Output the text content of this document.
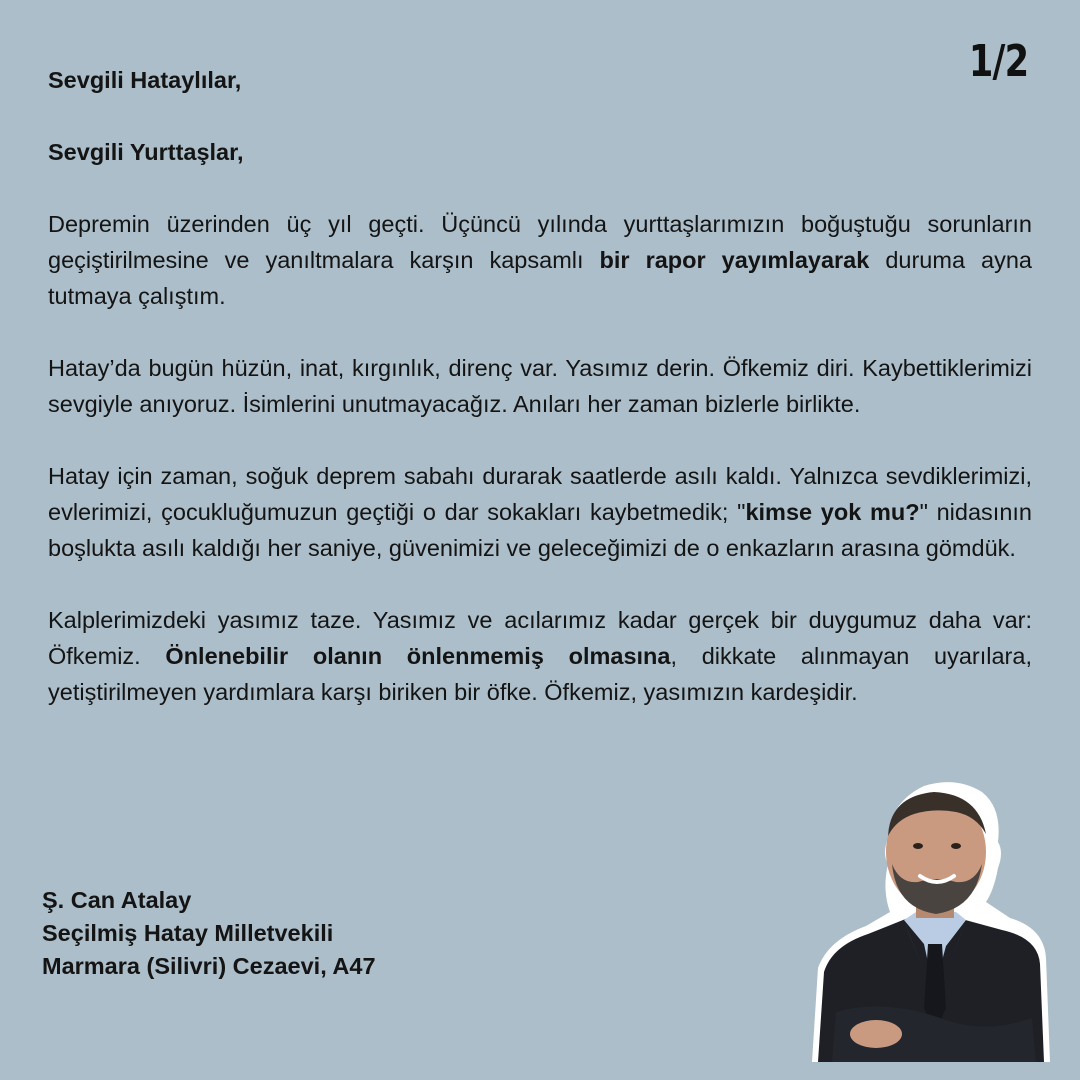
1/2

Sevgili Hataylılar,

Sevgili Yurttaşlar,

Depremin üzerinden üç yıl geçti. Üçüncü yılında yurttaşlarımızın boğuştuğu sorunların geçiştirilmesine ve yanıltmalara karşın kapsamlı bir rapor yayımlayarak duruma ayna tutmaya çalıştım.

Hatay’da bugün hüzün, inat, kırgınlık, direnç var. Yasımız derin. Öfkemiz diri. Kaybettiklerimizi sevgiyle anıyoruz. İsimlerini unutmayacağız. Anıları her zaman bizlerle birlikte.

Hatay için zaman, soğuk deprem sabahı durarak saatlerde asılı kaldı. Yalnızca sevdiklerimizi, evlerimizi, çocukluğumuzun geçtiği o dar sokakları kaybetmedik; "kimse yok mu?" nidasının boşlukta asılı kaldığı her saniye, güvenimizi ve geleceğimizi de o enkazların arasına gömdük.

Kalplerimizdeki yasımız taze. Yasımız ve acılarımız kadar gerçek bir duygumuz daha var: Öfkemiz. Önlenebilir olanın önlenmemiş olmasına, dikkate alınmayan uyarılara, yetiştirilmeyen yardımlara karşı biriken bir öfke. Öfkemiz, yasımızın kardeşidir.

Ş. Can Atalay
Seçilmiş Hatay Milletvekili
Marmara (Silivri) Cezaevi, A47
